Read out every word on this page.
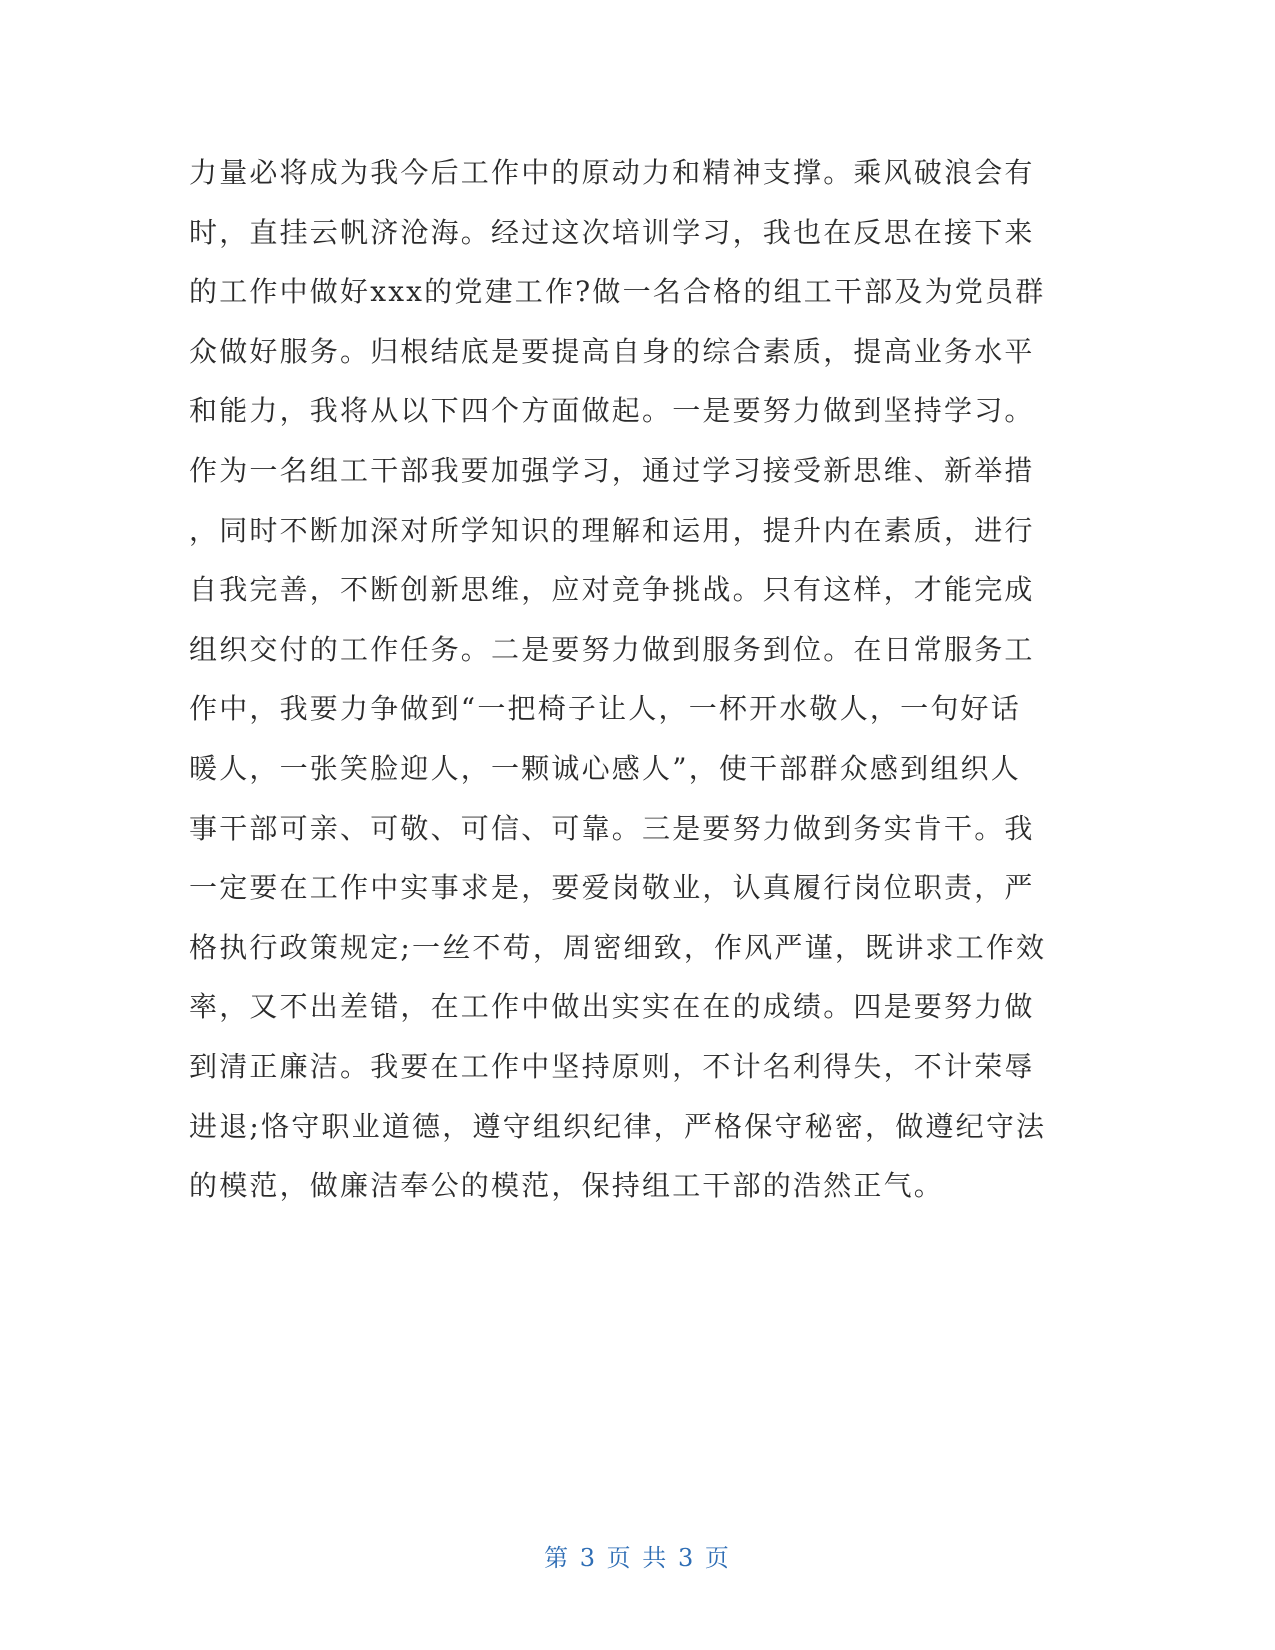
力量必将成为我今后工作中的原动力和精神支撑。乘风破浪会有
时，直挂云帆济沧海。经过这次培训学习，我也在反思在接下来
的工作中做好xxx的党建工作?做一名合格的组工干部及为党员群
众做好服务。归根结底是要提高自身的综合素质，提高业务水平
和能力，我将从以下四个方面做起。一是要努力做到坚持学习。
作为一名组工干部我要加强学习，通过学习接受新思维、新举措
，同时不断加深对所学知识的理解和运用，提升内在素质，进行
自我完善，不断创新思维，应对竞争挑战。只有这样，才能完成
组织交付的工作任务。二是要努力做到服务到位。在日常服务工
作中，我要力争做到“一把椅子让人，一杯开水敬人，一句好话
暖人，一张笑脸迎人，一颗诚心感人”，使干部群众感到组织人
事干部可亲、可敬、可信、可靠。三是要努力做到务实肯干。我
一定要在工作中实事求是，要爱岗敬业，认真履行岗位职责，严
格执行政策规定;一丝不苟，周密细致，作风严谨，既讲求工作效
率，又不出差错，在工作中做出实实在在的成绩。四是要努力做
到清正廉洁。我要在工作中坚持原则，不计名利得失，不计荣辱
进退;恪守职业道德，遵守组织纪律，严格保守秘密，做遵纪守法
的模范，做廉洁奉公的模范，保持组工干部的浩然正气。
第 3 页 共 3 页
